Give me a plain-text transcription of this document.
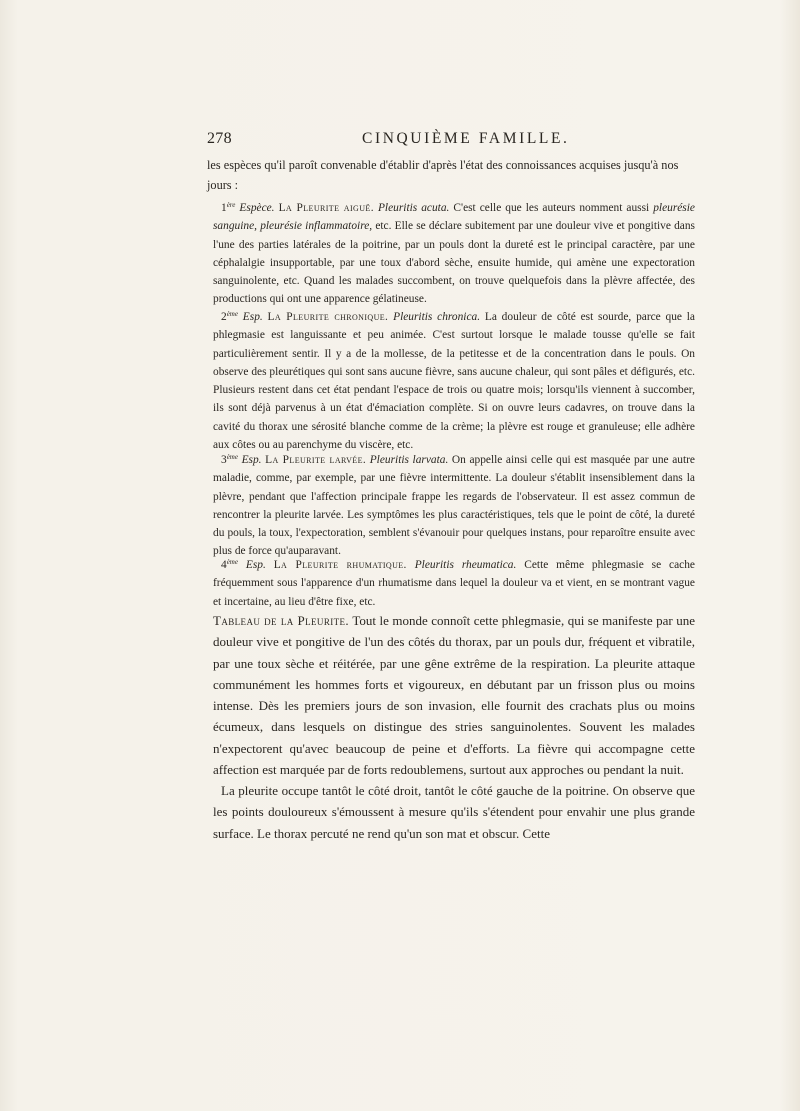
278	CINQUIÈME FAMILLE.

les espèces qu'il paroît convenable d'établir d'après l'état des connoissances acquises jusqu'à nos jours :

1ère Espèce. La Pleurite aiguë. Pleuritis acuta. C'est celle que les auteurs nomment aussi pleurésie sanguine, pleurésie inflammatoire, etc. Elle se déclare subitement par une douleur vive et pongitive dans l'une des parties latérales de la poitrine, par un pouls dont la dureté est le principal caractère, par une céphalalgie insupportable, par une toux d'abord sèche, ensuite humide, qui amène une expectoration sanguinolente, etc. Quand les malades succombent, on trouve quelquefois dans la plèvre affectée, des productions qui ont une apparence gélatineuse.

2ème Esp. La Pleurite chronique. Pleuritis chronica. La douleur de côté est sourde, parce que la phlegmasie est languissante et peu animée. C'est surtout lorsque le malade tousse qu'elle se fait particulièrement sentir. Il y a de la mollesse, de la petitesse et de la concentration dans le pouls. On observe des pleurétiques qui sont sans aucune fièvre, sans aucune chaleur, qui sont pâles et défigurés, etc. Plusieurs restent dans cet état pendant l'espace de trois ou quatre mois; lorsqu'ils viennent à succomber, ils sont déjà parvenus à un état d'émaciation complète. Si on ouvre leurs cadavres, on trouve dans la cavité du thorax une sérosité blanche comme de la crème; la plèvre est rouge et granuleuse; elle adhère aux côtes ou au parenchyme du viscère, etc.

3ème Esp. La Pleurite larvée. Pleuritis larvata. On appelle ainsi celle qui est masquée par une autre maladie, comme, par exemple, par une fièvre intermittente. La douleur s'établit insensiblement dans la plèvre, pendant que l'affection principale frappe les regards de l'observateur. Il est assez commun de rencontrer la pleurite larvée. Les symptômes les plus caractéristiques, tels que le point de côté, la dureté du pouls, la toux, l'expectoration, semblent s'évanouir pour quelques instans, pour reparoître ensuite avec plus de force qu'auparavant.

4ème Esp. La Pleurite rhumatique. Pleuritis rheumatica. Cette même phlegmasie se cache fréquemment sous l'apparence d'un rhumatisme dans lequel la douleur va et vient, en se montrant vague et incertaine, au lieu d'être fixe, etc.

Tableau de la Pleurite. Tout le monde connoît cette phlegmasie, qui se manifeste par une douleur vive et pongitive de l'un des côtés du thorax, par un pouls dur, fréquent et vibratile, par une toux sèche et réitérée, par une gêne extrême de la respiration. La pleurite attaque communément les hommes forts et vigoureux, en débutant par un frisson plus ou moins intense. Dès les premiers jours de son invasion, elle fournit des crachats plus ou moins écumeux, dans lesquels on distingue des stries sanguinolentes. Souvent les malades n'expectorent qu'avec beaucoup de peine et d'efforts. La fièvre qui accompagne cette affection est marquée par de forts redoublemens, surtout aux approches ou pendant la nuit.

La pleurite occupe tantôt le côté droit, tantôt le côté gauche de la poitrine. On observe que les points douloureux s'émoussent à mesure qu'ils s'étendent pour envahir une plus grande surface. Le thorax percuté ne rend qu'un son mat et obscur. Cette
